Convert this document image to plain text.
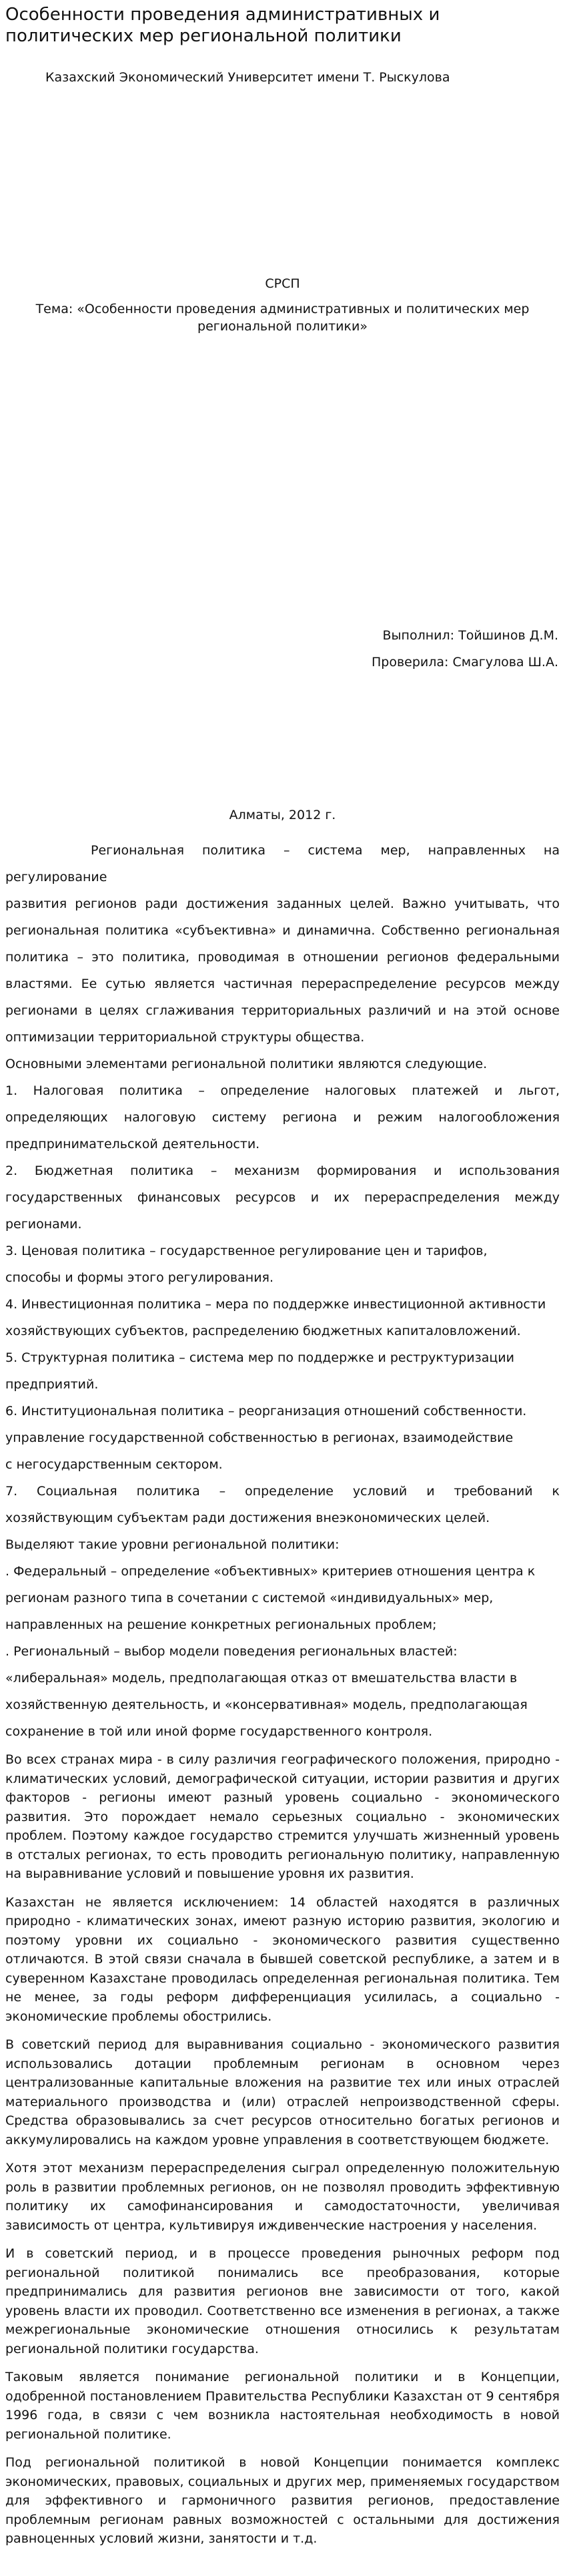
Особенности проведения административных и политических мер региональной политики
Казахский Экономический Университет имени Т. Рыскулова
СРСП
Тема: «Особенности проведения административных и политических мер региональной политики»
Выполнил: Тойшинов Д.М.
Проверила: Смагулова Ш.А.
Алматы, 2012 г.

Региональная политика – система мер, направленных на регулирование

развития регионов ради достижения заданных целей. Важно учитывать, что

региональная политика «субъективна» и динамична. Собственно региональная

политика – это политика, проводимая в отношении регионов федеральными

властями. Ее сутью является частичная перераспределение ресурсов между

регионами в целях сглаживания территориальных различий и на этой основе

оптимизации территориальной структуры общества.

Основными элементами региональной политики являются следующие.

1. Налоговая политика – определение налоговых платежей и льгот,

определяющих налоговую систему региона и режим налогообложения

предпринимательской деятельности.

2. Бюджетная политика – механизм формирования и использования

государственных финансовых ресурсов и их перераспределения между

регионами.

3. Ценовая политика – государственное регулирование цен и тарифов,

способы и формы этого регулирования.

4. Инвестиционная политика – мера по поддержке инвестиционной активности

хозяйствующих субъектов, распределению бюджетных капиталовложений.

5. Структурная политика – система мер по поддержке и реструктуризации

предприятий.

6. Институциональная политика – реорганизация отношений собственности.

управление государственной собственностью в регионах, взаимодействие

с негосударственным сектором.

7. Социальная политика – определение условий и требований к

хозяйствующим субъектам ради достижения внеэкономических целей.

Выделяют такие уровни региональной политики:

. Федеральный – определение «объективных» критериев отношения центра к

регионам разного типа в сочетании с системой «индивидуальных» мер,

направленных на решение конкретных региональных проблем;

. Региональный – выбор модели поведения региональных властей:

«либеральная» модель, предполагающая отказ от вмешательства власти в

хозяйственную деятельность, и «консервативная» модель, предполагающая

сохранение в той или иной форме государственного контроля.

Во всех странах мира - в силу различия географического положения, природно - климатических условий, демографической ситуации, истории развития и других факторов - регионы имеют разный уровень социально - экономического развития. Это порождает немало серьезных социально - экономических проблем. Поэтому каждое государство стремится улучшать жизненный уровень в отсталых регионах, то есть проводить региональную политику, направленную на выравнивание условий и повышение уровня их развития.

Казахстан не является исключением: 14 областей находятся в различных природно - климатических зонах, имеют разную историю развития, экологию и поэтому уровни их социально - экономического развития существенно отличаются. В этой связи сначала в бывшей советской республике, а затем и в суверенном Казахстане проводилась определенная региональная политика. Тем не менее, за годы реформ дифференциация усилилась, а социально - экономические проблемы обострились.

В советский период для выравнивания социально - экономического развития использовались дотации проблемным регионам в основном через централизованные капитальные вложения на развитие тех или иных отраслей материального производства и (или) отраслей непроизводственной сферы. Средства образовывались за счет ресурсов относительно богатых регионов и аккумулировались на каждом уровне управления в соответствующем бюджете.

Хотя этот механизм перераспределения сыграл определенную положительную роль в развитии проблемных регионов, он не позволял проводить эффективную политику их самофинансирования и самодостаточности, увеличивая зависимость от центра, культивируя иждивенческие настроения у населения.

И в советский период, и в процессе проведения рыночных реформ под региональной политикой понимались все преобразования, которые предпринимались для развития регионов вне зависимости от того, какой уровень власти их проводил. Соответственно все изменения в регионах, а также межрегиональные экономические отношения относились к результатам региональной политики государства.

Таковым является понимание региональной политики и в Концепции, одобренной постановлением Правительства Республики Казахстан от 9 сентября 1996 года, в связи с чем возникла настоятельная необходимость в новой региональной политике.

Под региональной политикой в новой Концепции понимается комплекс экономических, правовых, социальных и других мер, применяемых государством для эффективного и гармоничного развития регионов, предоставление проблемным регионам равных возможностей с остальными для достижения равноценных условий жизни, занятости и т.д.
